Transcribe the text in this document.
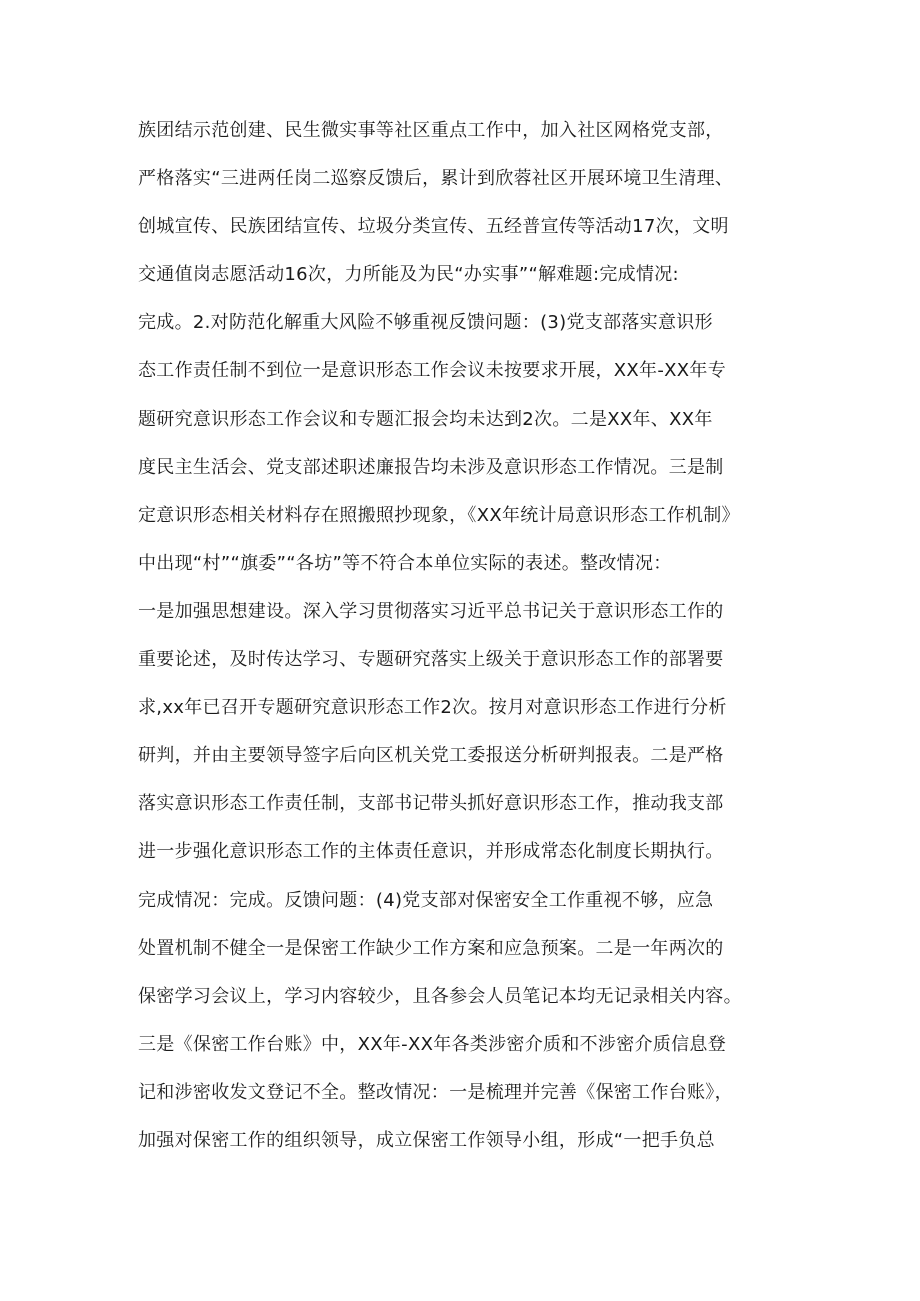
族团结示范创建、民生微实事等社区重点工作中，加入社区网格党支部，
严格落实“三进两任岗二巡察反馈后，累计到欣蓉社区开展环境卫生清理、
创城宣传、民族团结宣传、垃圾分类宣传、五经普宣传等活动17次，文明
交通值岗志愿活动16次，力所能及为民“办实事”“解难题:完成情况:
完成。2.对防范化解重大风险不够重视反馈问题：(3)党支部落实意识形
态工作责任制不到位一是意识形态工作会议未按要求开展，XX年-XX年专
题研究意识形态工作会议和专题汇报会均未达到2次。二是XX年、XX年
度民主生活会、党支部述职述廉报告均未涉及意识形态工作情况。三是制
定意识形态相关材料存在照搬照抄现象，《XX年统计局意识形态工作机制》
中出现“村”“旗委”“各坊”等不符合本单位实际的表述。整改情况：
一是加强思想建设。深入学习贯彻落实习近平总书记关于意识形态工作的
重要论述，及时传达学习、专题研究落实上级关于意识形态工作的部署要
求,xx年已召开专题研究意识形态工作2次。按月对意识形态工作进行分析
研判，并由主要领导签字后向区机关党工委报送分析研判报表。二是严格
落实意识形态工作责任制，支部书记带头抓好意识形态工作，推动我支部
进一步强化意识形态工作的主体责任意识，并形成常态化制度长期执行。
完成情况：完成。反馈问题：(4)党支部对保密安全工作重视不够，应急
处置机制不健全一是保密工作缺少工作方案和应急预案。二是一年两次的
保密学习会议上，学习内容较少，且各参会人员笔记本均无记录相关内容。
三是《保密工作台账》中，XX年-XX年各类涉密介质和不涉密介质信息登
记和涉密收发文登记不全。整改情况：一是梳理并完善《保密工作台账》，
加强对保密工作的组织领导，成立保密工作领导小组，形成“一把手负总
